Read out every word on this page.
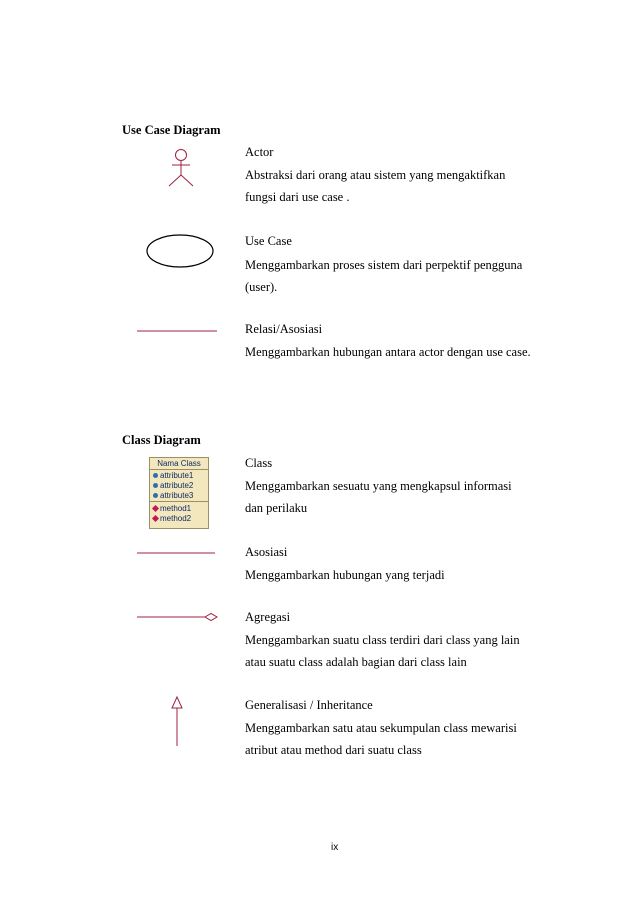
Use Case Diagram
Actor
Abstraksi dari orang atau sistem yang mengaktifkan
fungsi dari use case .
Use Case
Menggambarkan proses sistem dari perpektif pengguna
(user).
Relasi/Asosiasi
Menggambarkan hubungan antara actor dengan use case.
Class Diagram
Nama Class
attribute1
attribute2
attribute3
method1
method2
Class
Menggambarkan sesuatu yang mengkapsul informasi
dan perilaku
Asosiasi
Menggambarkan hubungan yang terjadi
Agregasi
Menggambarkan suatu class terdiri dari class yang lain
atau suatu class adalah bagian dari class lain
Generalisasi / Inheritance
Menggambarkan satu atau sekumpulan class mewarisi
atribut atau method dari suatu class
ix
